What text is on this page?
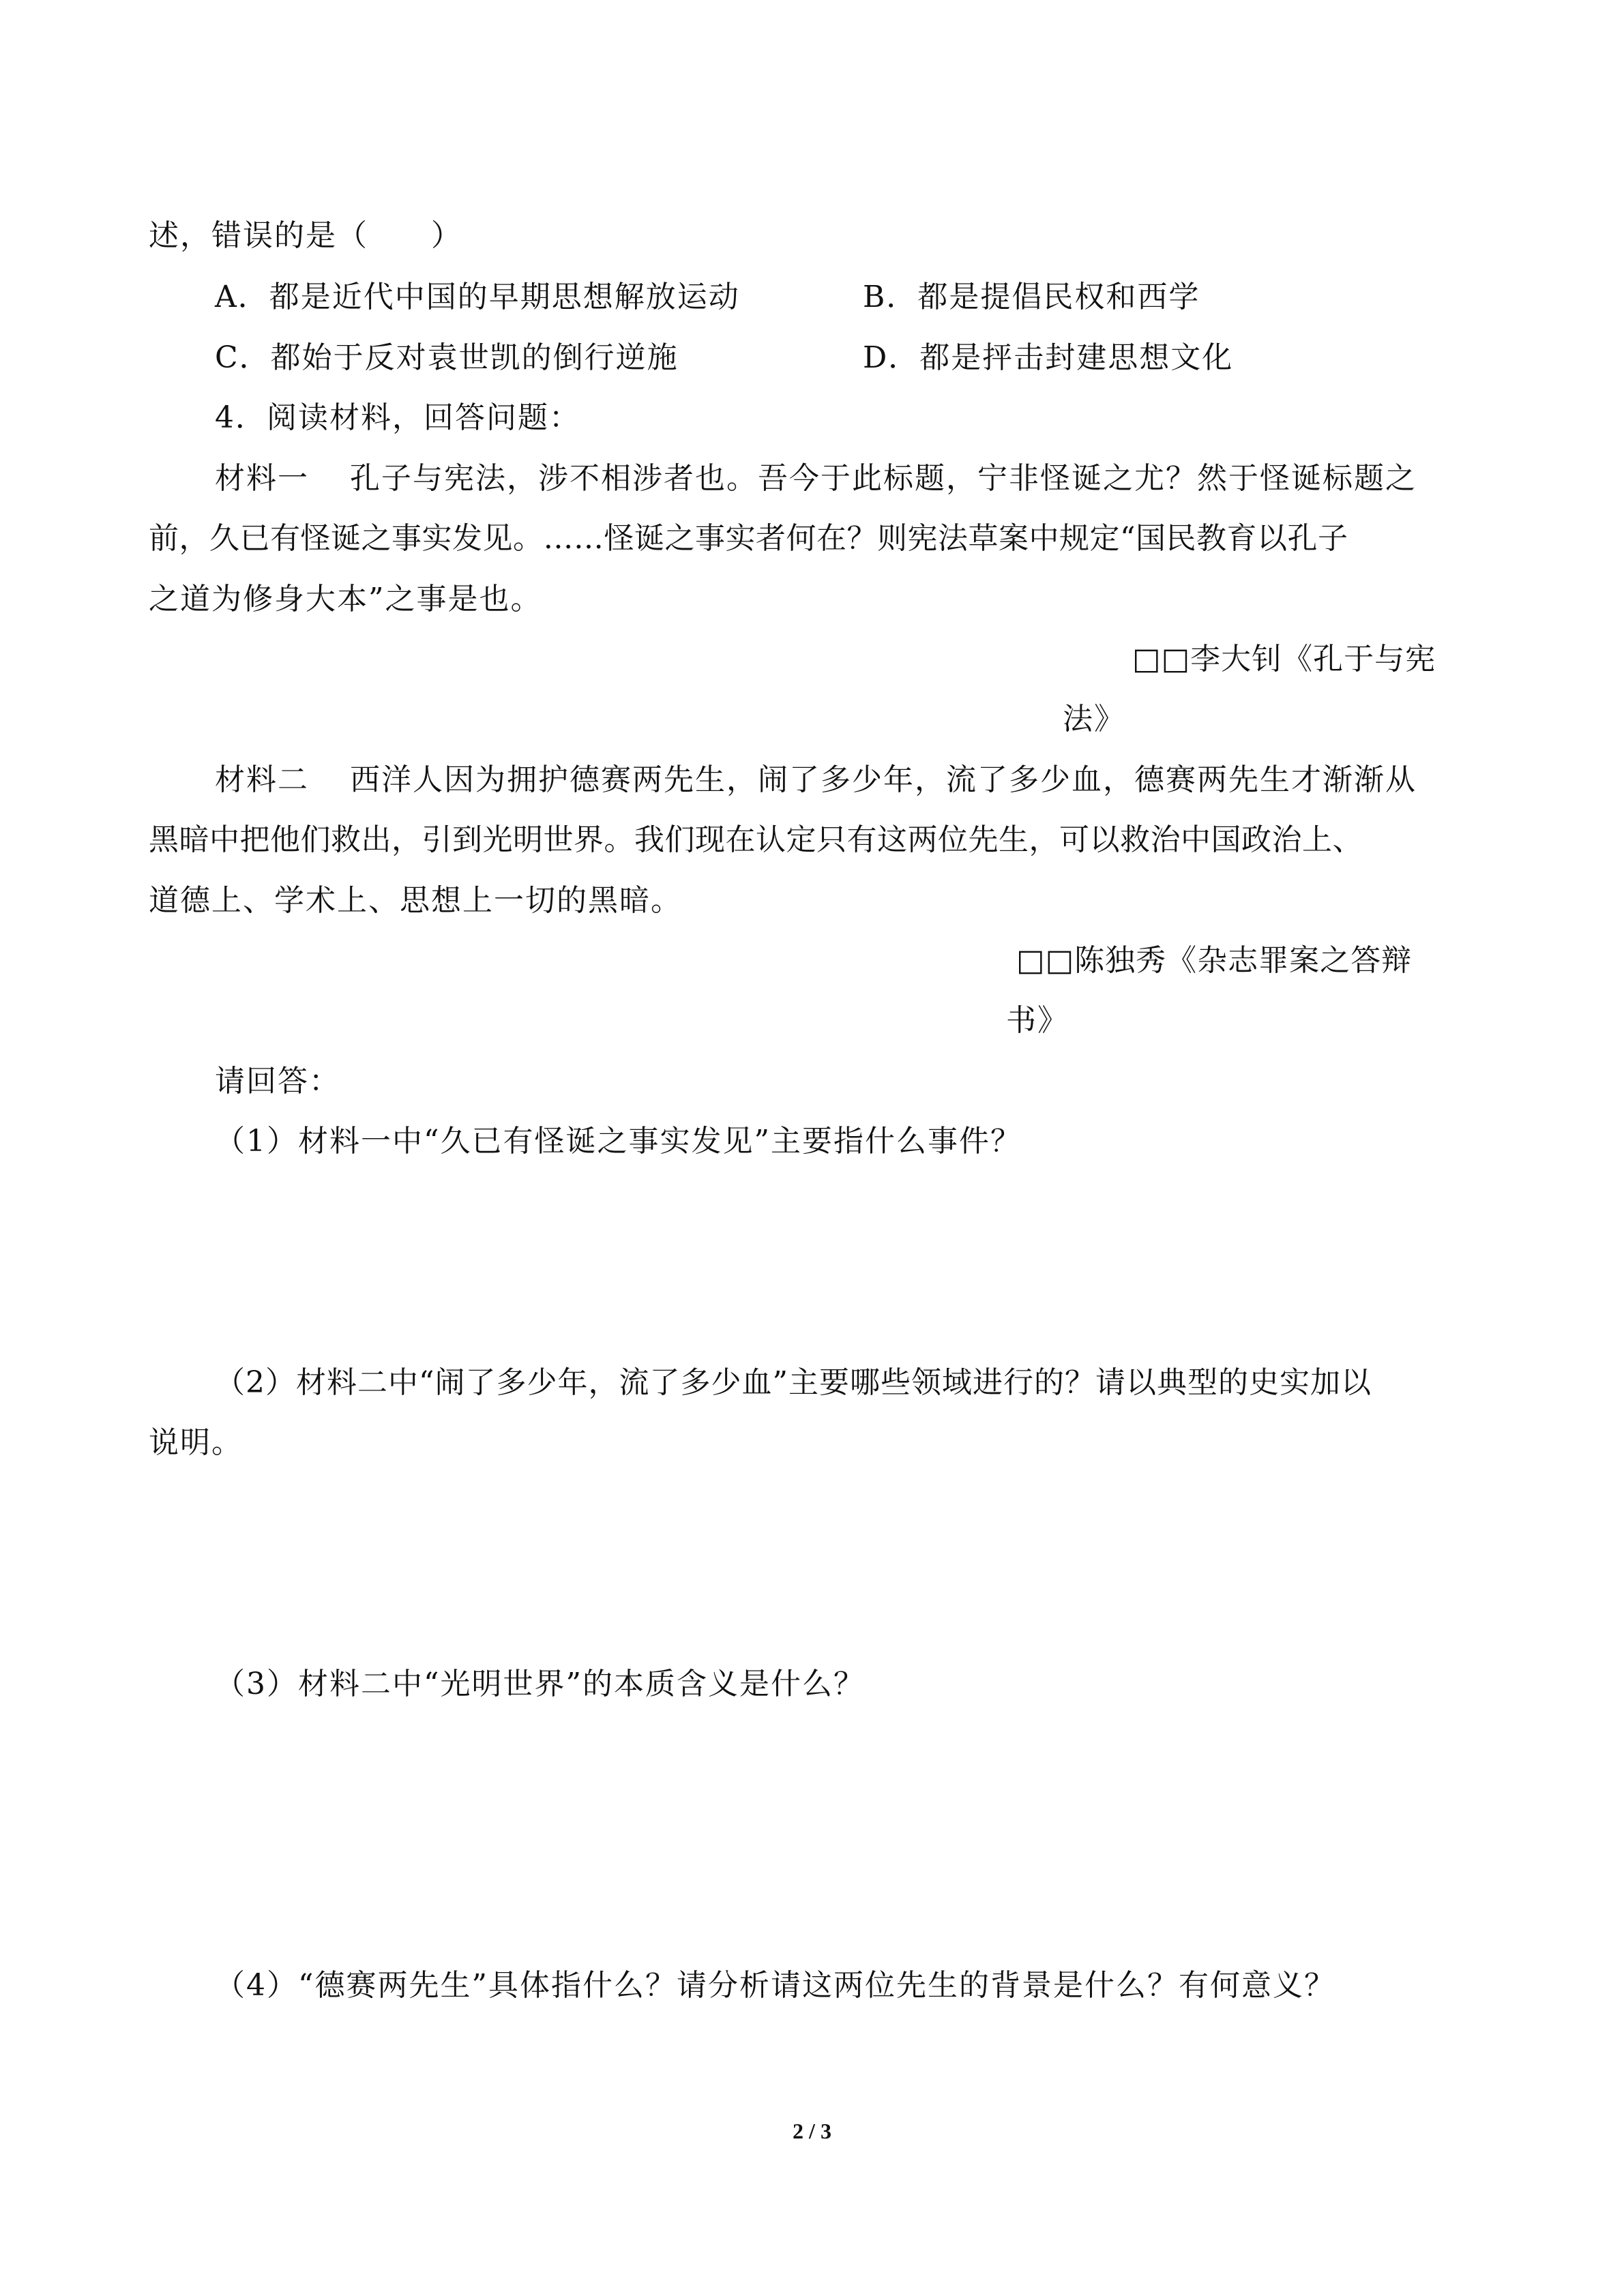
述，错误的是（　　）
A．都是近代中国的早期思想解放运动	B．都是提倡民权和西学
C．都始于反对袁世凯的倒行逆施	D．都是抨击封建思想文化
4．阅读材料，回答问题：
材料一 孔子与宪法，涉不相涉者也。吾今于此标题，宁非怪诞之尤？然于怪诞标题之
前，久已有怪诞之事实发见。……怪诞之事实者何在？则宪法草案中规定“国民教育以孔子
之道为修身大本”之事是也。
□□李大钊《孔于与宪
法》
材料二 西洋人因为拥护德赛两先生，闹了多少年，流了多少血，德赛两先生才渐渐从
黑暗中把他们救出，引到光明世界。我们现在认定只有这两位先生，可以救治中国政治上、
道德上、学术上、思想上一切的黑暗。
□□陈独秀《杂志罪案之答辩
书》
请回答：
（1）材料一中“久已有怪诞之事实发见”主要指什么事件？
（2）材料二中“闹了多少年，流了多少血”主要哪些领域进行的？请以典型的史实加以
说明。
（3）材料二中“光明世界”的本质含义是什么？
（4）“德赛两先生”具体指什么？请分析请这两位先生的背景是什么？有何意义？
2 / 3
